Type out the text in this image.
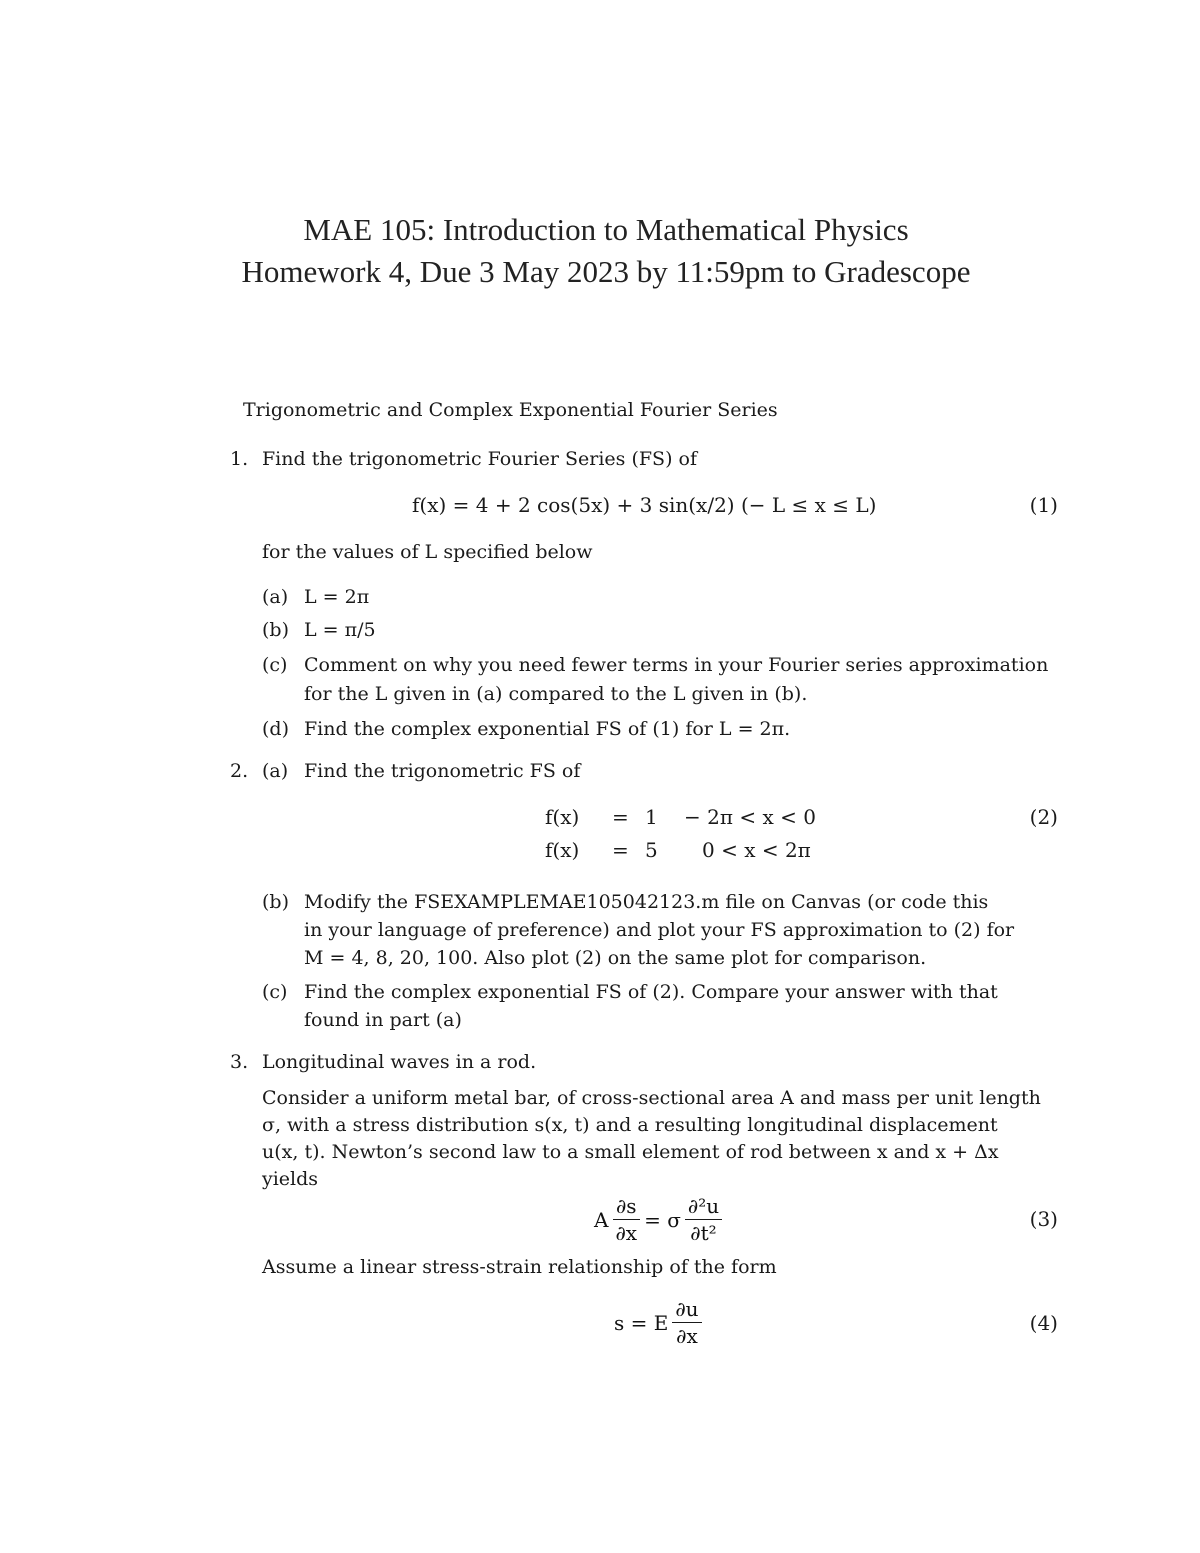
MAE 105: Introduction to Mathematical Physics
Homework 4, Due 3 May 2023 by 11:59pm to Gradescope
Trigonometric and Complex Exponential Fourier Series
1. Find the trigonometric Fourier Series (FS) of
f(x) = 4 + 2 cos(5x) + 3 sin(x/2) (− L ≤ x ≤ L)	(1)
for the values of L specified below
(a) L = 2π
(b) L = π/5
(c) Comment on why you need fewer terms in your Fourier series approximation
for the L given in (a) compared to the L given in (b).
(d) Find the complex exponential FS of (1) for L = 2π.
2. (a) Find the trigonometric FS of
f(x) = 1 − 2π < x < 0
f(x) = 5 0 < x < 2π
(2)
(b) Modify the FSEXAMPLEMAE105042123.m file on Canvas (or code this
in your language of preference) and plot your FS approximation to (2) for
M = 4, 8, 20, 100. Also plot (2) on the same plot for comparison.
(c) Find the complex exponential FS of (2). Compare your answer with that
found in part (a)
3. Longitudinal waves in a rod.
Consider a uniform metal bar, of cross-sectional area A and mass per unit length
σ, with a stress distribution s(x, t) and a resulting longitudinal displacement
u(x, t). Newton’s second law to a small element of rod between x and x + Δx
yields
A $\frac{\partial s}{\partial x} = \sigma \frac{\text{∂²u}}{\text{∂t²}}$	(3)
Assume a linear stress-strain relationship of the form
s = E $\frac{\partial u}{\partial x}$	(4)
